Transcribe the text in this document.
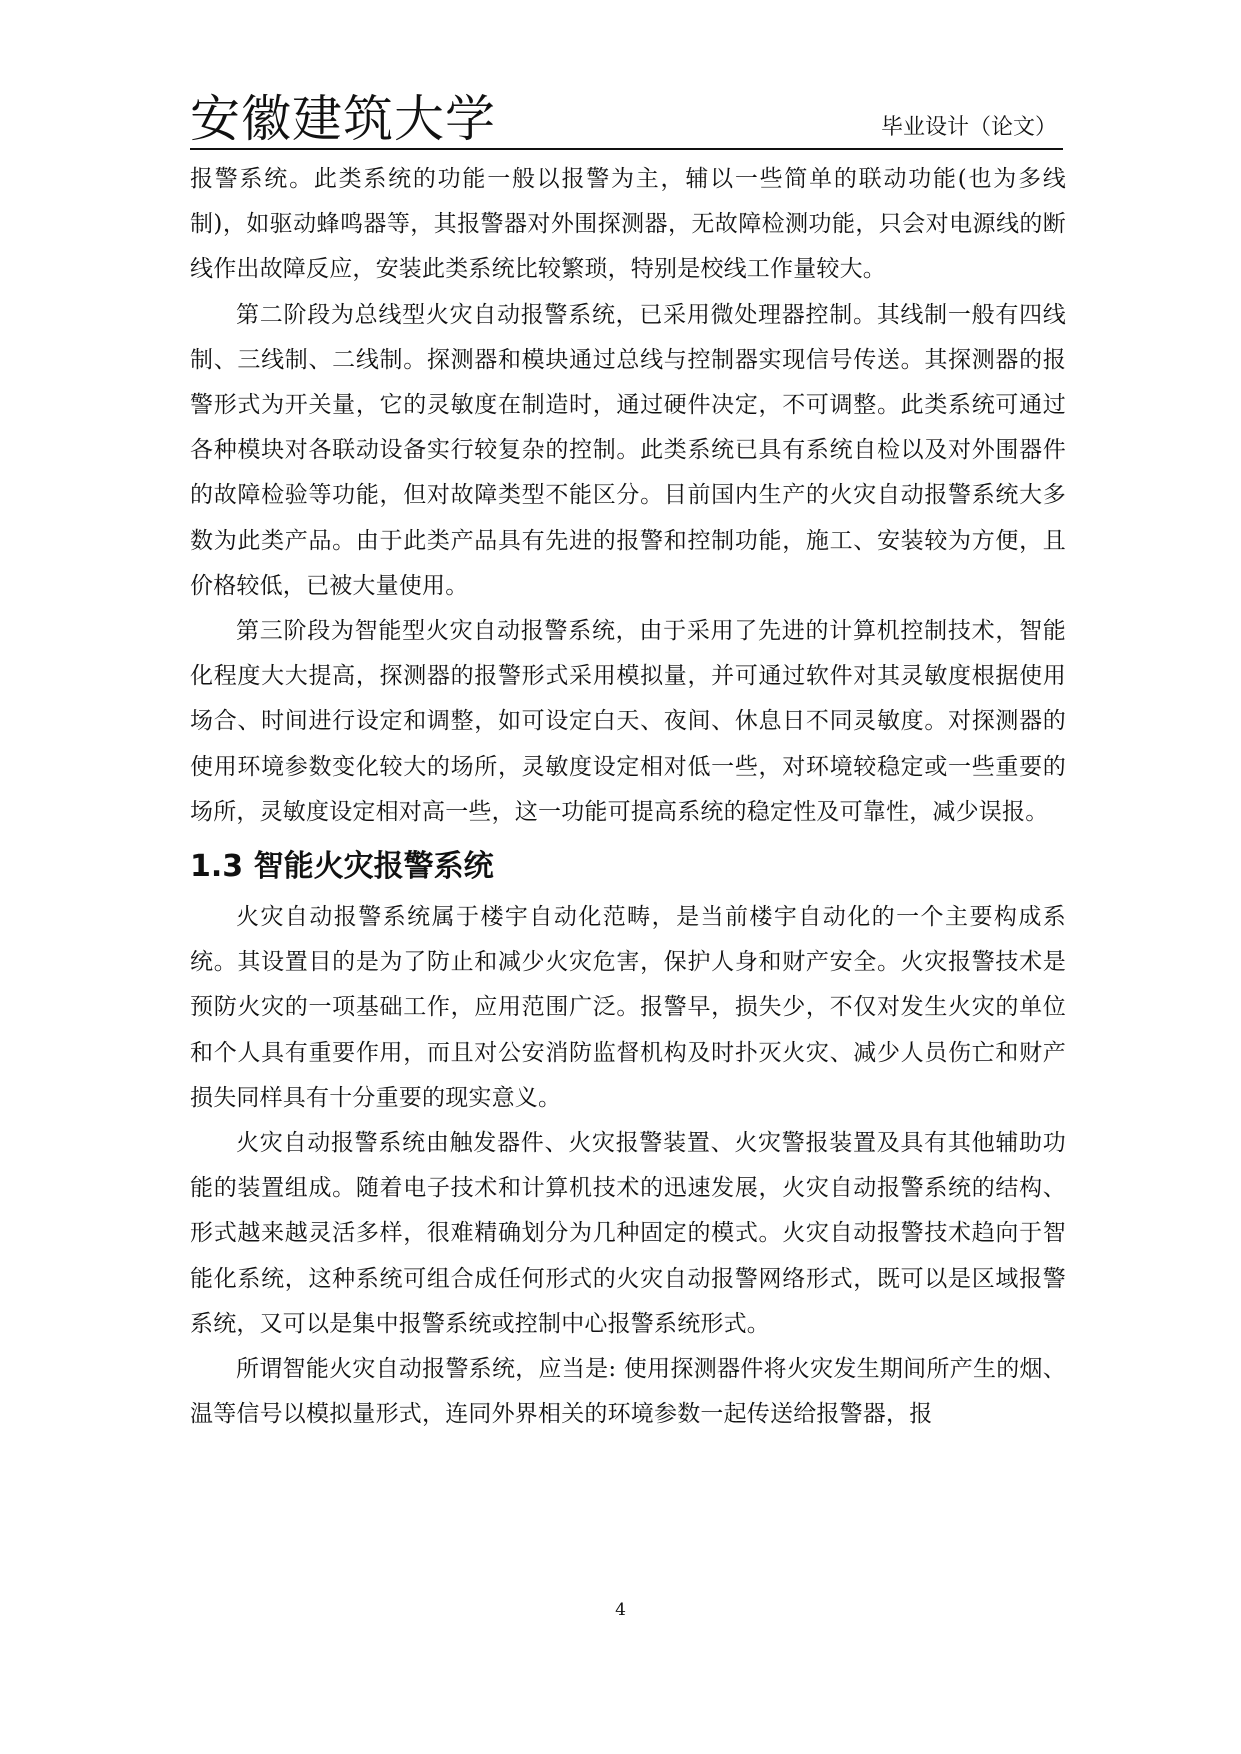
安徽建筑大学	毕业设计（论文）

报警系统。此类系统的功能一般以报警为主，辅以一些简单的联动功能(也为多线制)，如驱动蜂鸣器等，其报警器对外围探测器，无故障检测功能，只会对电源线的断线作出故障反应，安装此类系统比较繁琐，特别是校线工作量较大。

第二阶段为总线型火灾自动报警系统，已采用微处理器控制。其线制一般有四线制、三线制、二线制。探测器和模块通过总线与控制器实现信号传送。其探测器的报警形式为开关量，它的灵敏度在制造时，通过硬件决定，不可调整。此类系统可通过各种模块对各联动设备实行较复杂的控制。此类系统已具有系统自检以及对外围器件的故障检验等功能，但对故障类型不能区分。目前国内生产的火灾自动报警系统大多数为此类产品。由于此类产品具有先进的报警和控制功能，施工、安装较为方便，且价格较低，已被大量使用。

第三阶段为智能型火灾自动报警系统，由于采用了先进的计算机控制技术，智能化程度大大提高，探测器的报警形式采用模拟量，并可通过软件对其灵敏度根据使用场合、时间进行设定和调整，如可设定白天、夜间、休息日不同灵敏度。对探测器的使用环境参数变化较大的场所，灵敏度设定相对低一些，对环境较稳定或一些重要的场所，灵敏度设定相对高一些，这一功能可提高系统的稳定性及可靠性，减少误报。

1.3 智能火灾报警系统

火灾自动报警系统属于楼宇自动化范畴，是当前楼宇自动化的一个主要构成系统。其设置目的是为了防止和减少火灾危害，保护人身和财产安全。火灾报警技术是预防火灾的一项基础工作，应用范围广泛。报警早，损失少，不仅对发生火灾的单位和个人具有重要作用，而且对公安消防监督机构及时扑灭火灾、减少人员伤亡和财产损失同样具有十分重要的现实意义。

火灾自动报警系统由触发器件、火灾报警装置、火灾警报装置及具有其他辅助功能的装置组成。随着电子技术和计算机技术的迅速发展，火灾自动报警系统的结构、形式越来越灵活多样，很难精确划分为几种固定的模式。火灾自动报警技术趋向于智能化系统，这种系统可组合成任何形式的火灾自动报警网络形式，既可以是区域报警系统，又可以是集中报警系统或控制中心报警系统形式。

所谓智能火灾自动报警系统，应当是: 使用探测器件将火灾发生期间所产生的烟、温等信号以模拟量形式，连同外界相关的环境参数一起传送给报警器，报

4
